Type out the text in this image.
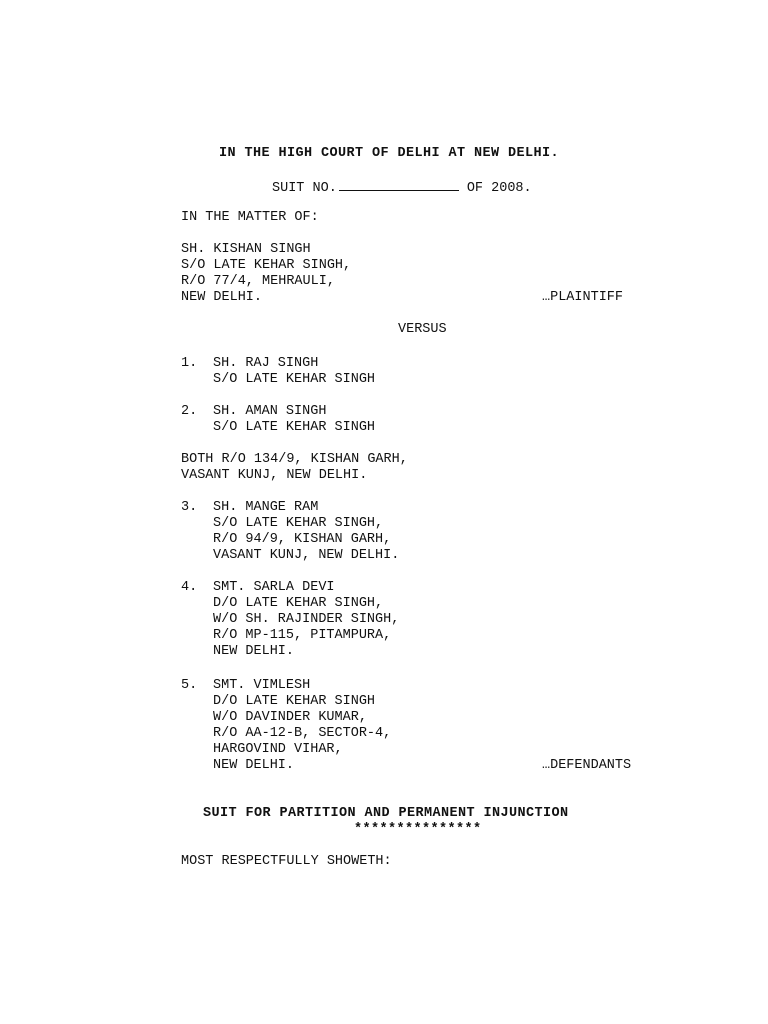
IN THE HIGH COURT OF DELHI AT NEW DELHI.
SUIT NO.	OF 2008.
IN THE MATTER OF:
SH. KISHAN SINGH
S/O LATE KEHAR SINGH,
R/O 77/4, MEHRAULI,
NEW DELHI.	…PLAINTIFF
VERSUS
1. SH. RAJ SINGH
S/O LATE KEHAR SINGH
2. SH. AMAN SINGH
S/O LATE KEHAR SINGH
BOTH R/O 134/9, KISHAN GARH,
VASANT KUNJ, NEW DELHI.
3. SH. MANGE RAM
S/O LATE KEHAR SINGH,
R/O 94/9, KISHAN GARH,
VASANT KUNJ, NEW DELHI.
4. SMT. SARLA DEVI
D/O LATE KEHAR SINGH,
W/O SH. RAJINDER SINGH,
R/O MP-115, PITAMPURA,
NEW DELHI.
5. SMT. VIMLESH
D/O LATE KEHAR SINGH
W/O DAVINDER KUMAR,
R/O AA-12-B, SECTOR-4,
HARGOVIND VIHAR,
NEW DELHI.	…DEFENDANTS
SUIT FOR PARTITION AND PERMANENT INJUNCTION
***************
MOST RESPECTFULLY SHOWETH:
